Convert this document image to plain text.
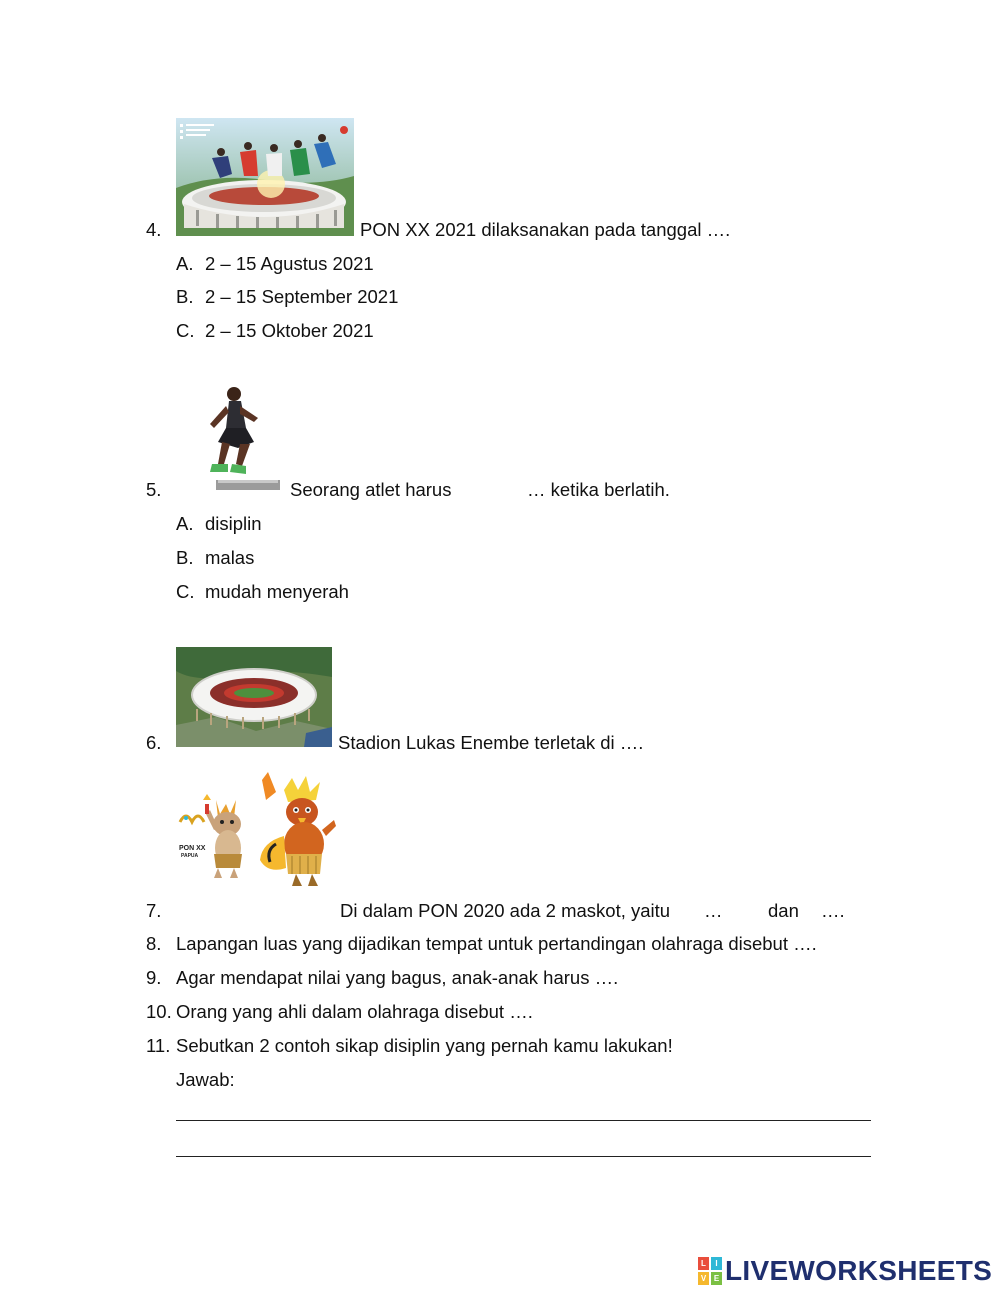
4.	PON XX 2021 dilaksanakan pada tanggal ….
A. 2 – 15 Agustus 2021
B. 2 – 15 September 2021
C. 2 – 15 Oktober 2021
5.	Seorang atlet harus	… ketika berlatih.
A. disiplin
B. malas
C. mudah menyerah
6.	Stadion Lukas Enembe terletak di ….
PON XX
PAPUA
7.	Di dalam PON 2020 ada 2 maskot, yaitu … dan ….
8. Lapangan luas yang dijadikan tempat untuk pertandingan olahraga disebut ….
9. Agar mendapat nilai yang bagus, anak-anak harus ….
10. Orang yang ahli dalam olahraga disebut ….
11. Sebutkan 2 contoh sikap disiplin yang pernah kamu lakukan!
Jawab:
L	I
V E LIVEWORKSHEETS
